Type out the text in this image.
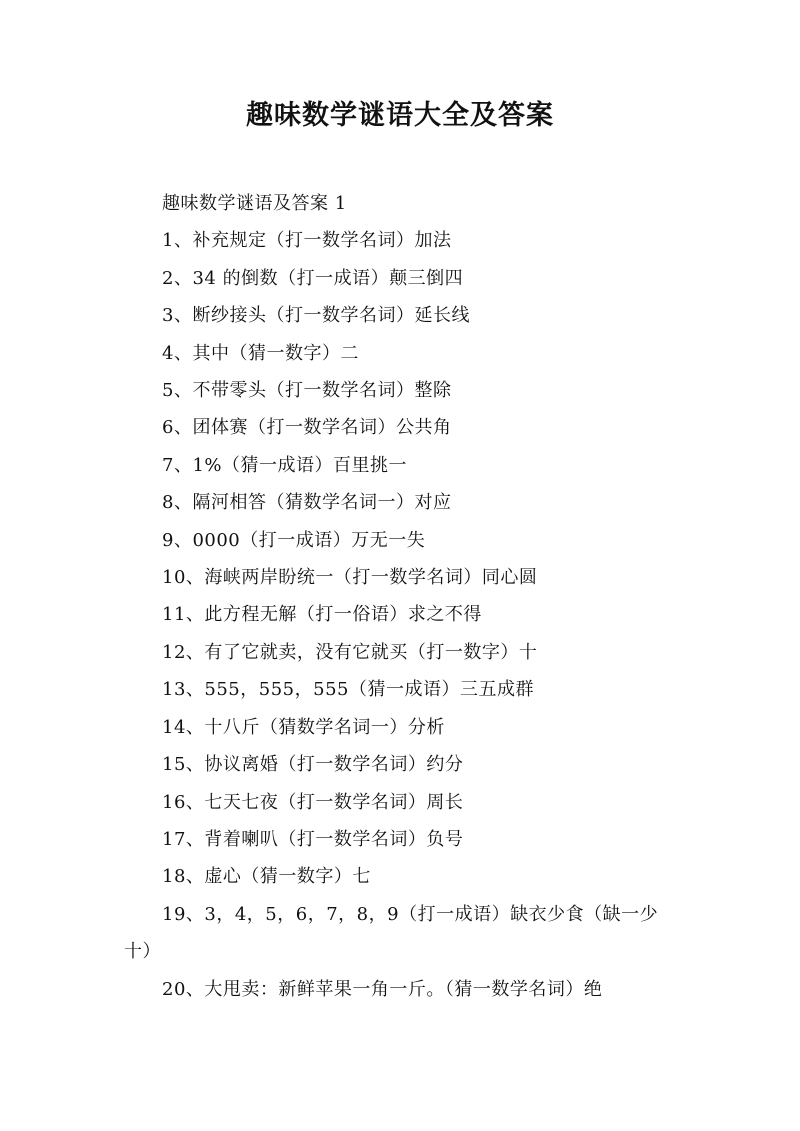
趣味数学谜语大全及答案

趣味数学谜语及答案 1

1、补充规定（打一数学名词）加法

2、34 的倒数（打一成语）颠三倒四

3、断纱接头（打一数学名词）延长线

4、其中（猜一数字）二

5、不带零头（打一数学名词）整除

6、团体赛（打一数学名词）公共角

7、1%（猜一成语）百里挑一

8、隔河相答（猜数学名词一）对应

9、0000（打一成语）万无一失

10、海峡两岸盼统一（打一数学名词）同心圆

11、此方程无解（打一俗语）求之不得

12、有了它就卖，没有它就买（打一数字）十

13、555，555，555（猜一成语）三五成群

14、十八斤（猜数学名词一）分析

15、协议离婚（打一数学名词）约分

16、七天七夜（打一数学名词）周长

17、背着喇叭（打一数学名词）负号

18、虚心（猜一数字）七

19、3，4，5，6，7，8，9（打一成语）缺衣少食（缺一少十）

20、大甩卖：新鲜苹果一角一斤。（猜一数学名词）绝
